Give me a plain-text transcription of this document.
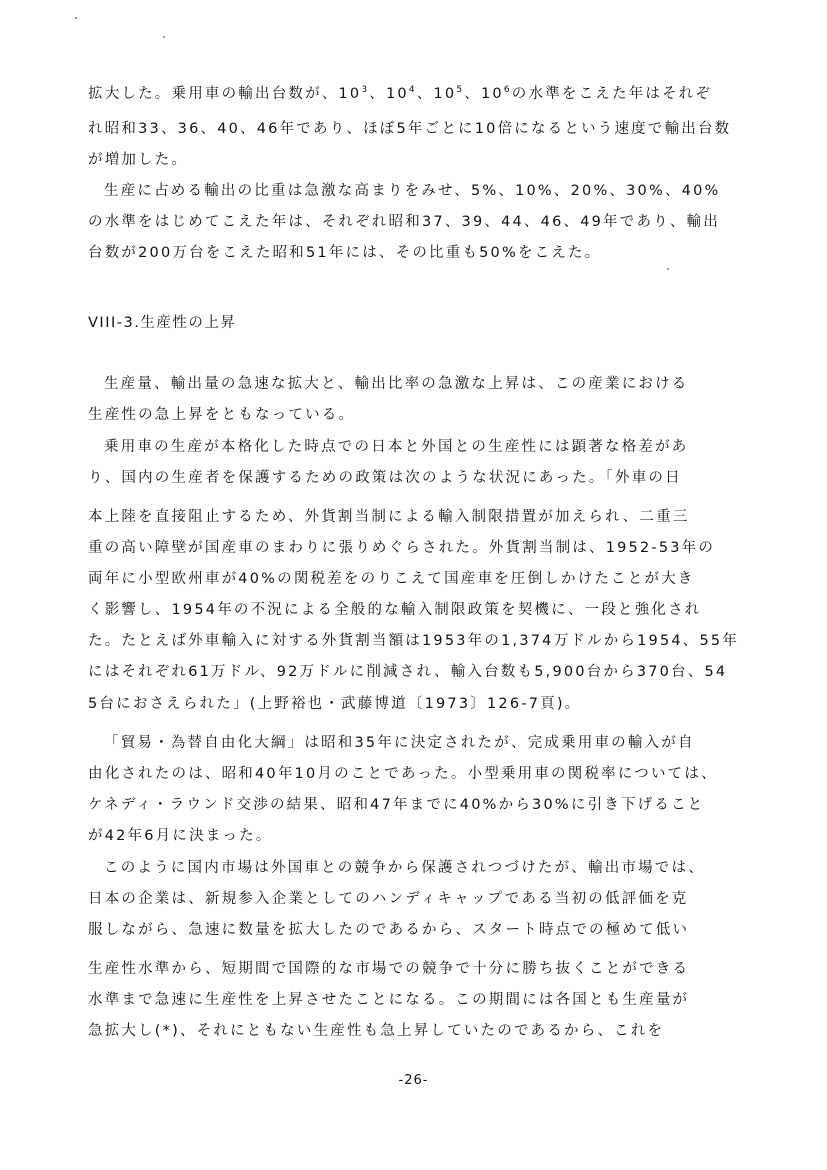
拡大した。乗用車の輸出台数が、$10^3$、$10^4$、$10^5$、$10^6$の水準をこえた年はそれぞ
れ昭和33、36、40、46年であり、ほぼ5年ごとに10倍になるという速度で輸出台数
が増加した。
生産に占める輸出の比重は急激な高まりをみせ、5%、10%、20%、30%、40%
の水準をはじめてこえた年は、それぞれ昭和37、39、44、46、49年であり、輸出
台数が200万台をこえた昭和51年には、その比重も50%をこえた。
VIII-3.生産性の上昇
生産量、輸出量の急速な拡大と、輸出比率の急激な上昇は、この産業における
生産性の急上昇をともなっている。
乗用車の生産が本格化した時点での日本と外国との生産性には顕著な格差があ
り、国内の生産者を保護するための政策は次のような状況にあった。「外車の日
本上陸を直接阻止するため、外貨割当制による輸入制限措置が加えられ、二重三
重の高い障壁が国産車のまわりに張りめぐらされた。外貨割当制は、1952-53年の
両年に小型欧州車が40%の関税差をのりこえて国産車を圧倒しかけたことが大き
く影響し、1954年の不況による全般的な輸入制限政策を契機に、一段と強化され
た。たとえば外車輸入に対する外貨割当額は1953年の1,374万ドルから1954、55年
にはそれぞれ61万ドル、92万ドルに削減され、輸入台数も5,900台から370台、54
5台におさえられた」(上野裕也・武藤博道〔1973〕126-7頁)。
「貿易・為替自由化大綱」は昭和35年に決定されたが、完成乗用車の輸入が自
由化されたのは、昭和40年10月のことであった。小型乗用車の関税率については、
ケネディ・ラウンド交渉の結果、昭和47年までに40%から30%に引き下げること
が42年6月に決まった。
このように国内市場は外国車との競争から保護されつづけたが、輸出市場では、
日本の企業は、新規参入企業としてのハンディキャップである当初の低評価を克
服しながら、急速に数量を拡大したのであるから、スタート時点での極めて低い
生産性水準から、短期間で国際的な市場での競争で十分に勝ち抜くことができる
水準まで急速に生産性を上昇させたことになる。この期間には各国とも生産量が
急拡大し(*)、それにともない生産性も急上昇していたのであるから、これを
-26-
